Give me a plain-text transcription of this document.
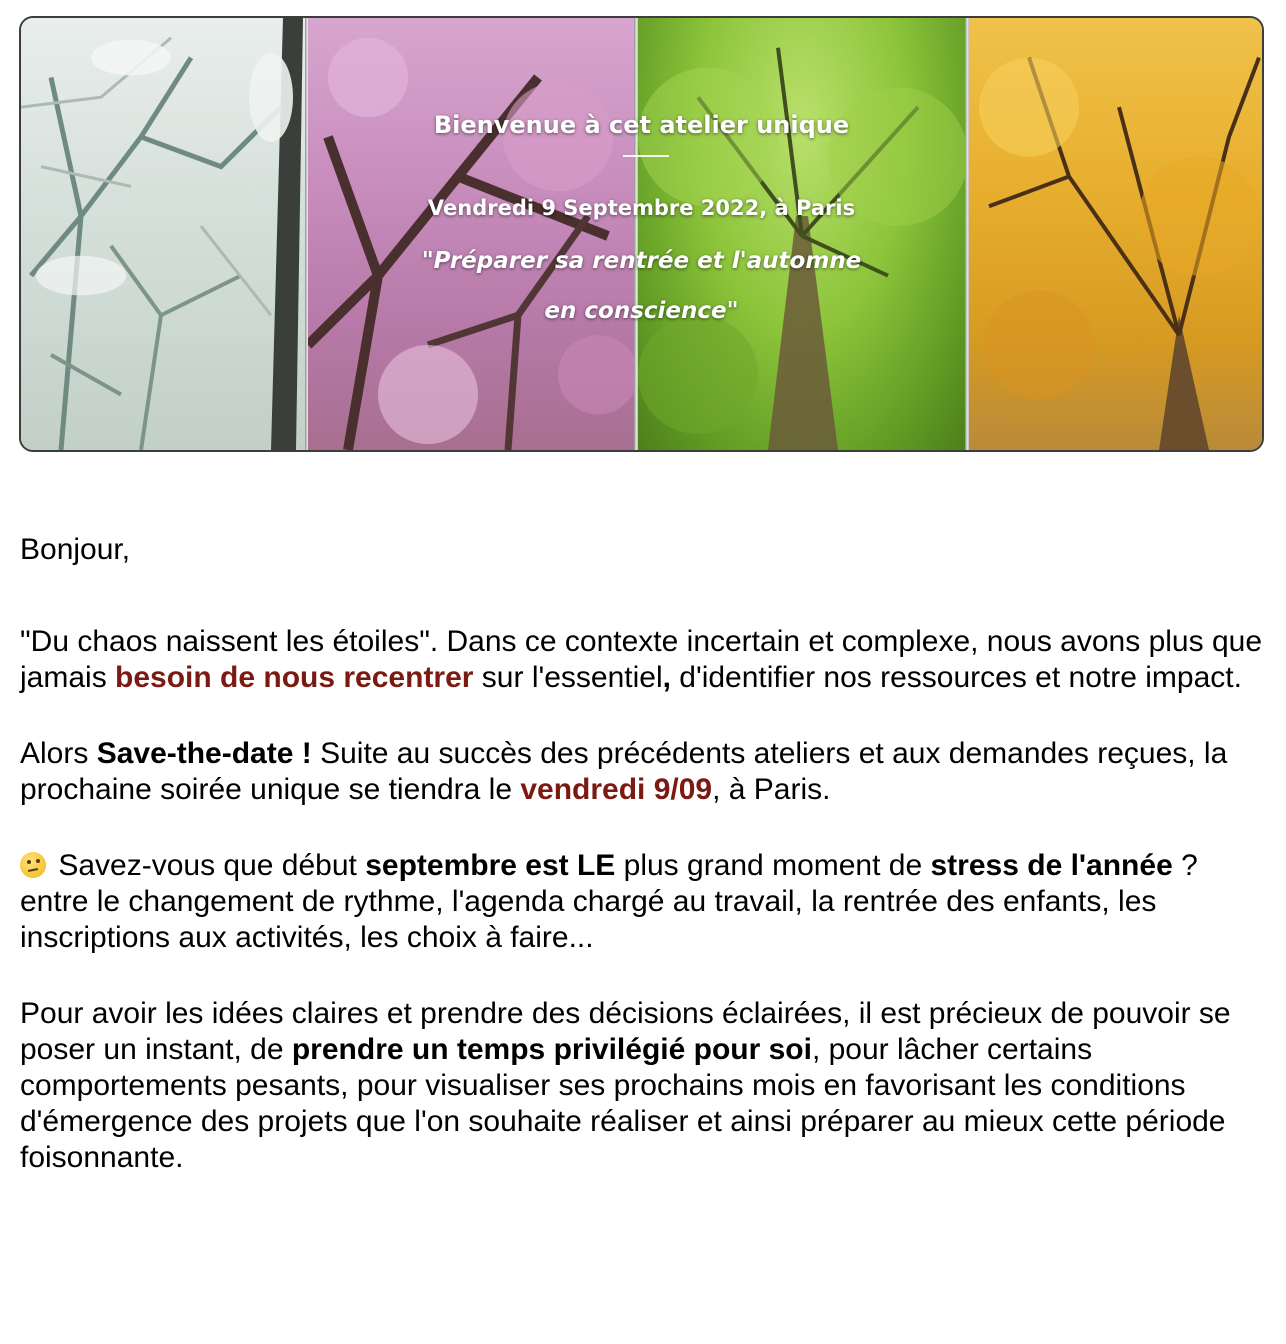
Bienvenue à cet atelier unique
Vendredi 9 Septembre 2022, à Paris
"Préparer sa rentrée et l'automne
en conscience"

Bonjour,

"Du chaos naissent les étoiles". Dans ce contexte incertain et complexe, nous avons plus que jamais besoin de nous recentrer sur l'essentiel, d'identifier nos ressources et notre impact.

Alors Save-the-date ! Suite au succès des précédents ateliers et aux demandes reçues, la prochaine soirée unique se tiendra le vendredi 9/09, à Paris.

Savez-vous que début septembre est LE plus grand moment de stress de l'année ? entre le changement de rythme, l'agenda chargé au travail, la rentrée des enfants, les inscriptions aux activités, les choix à faire...

Pour avoir les idées claires et prendre des décisions éclairées, il est précieux de pouvoir se poser un instant, de prendre un temps privilégié pour soi, pour lâcher certains comportements pesants, pour visualiser ses prochains mois en favorisant les conditions d'émergence des projets que l'on souhaite réaliser et ainsi préparer au mieux cette période foisonnante.
